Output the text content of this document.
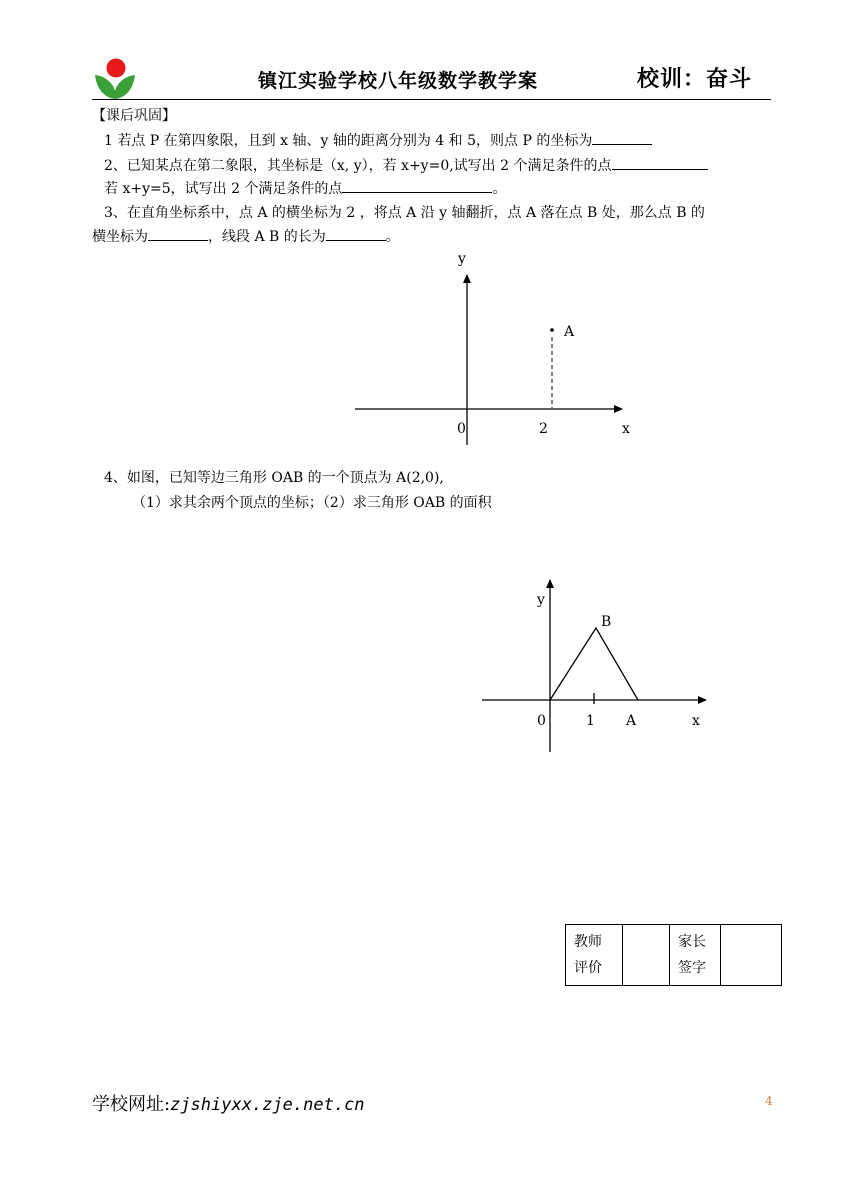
镇江实验学校八年级数学教学案	校训：奋斗
【课后巩固】
1 若点 P 在第四象限，且到 x 轴、y 轴的距离分别为 4 和 5，则点 P 的坐标为
2、已知某点在第二象限，其坐标是（x, y），若 x+y=0,试写出 2 个满足条件的点
若 x+y=5，试写出 2 个满足条件的点	。
3、在直角坐标系中，点 A 的横坐标为 2 ，将点 A 沿 y 轴翻折，点 A 落在点 B 处，那么点 B 的
横坐标为	，线段 A B 的长为	。
y
A
0	2	x
4、如图，已知等边三角形 OAB 的一个顶点为 A(2,0),
（1）求其余两个顶点的坐标；（2）求三角形 OAB 的面积
y
B
0	1 A	x
教师
评价

家长
签字

学校网址:zjshiyxx.zje.net.cn	4
